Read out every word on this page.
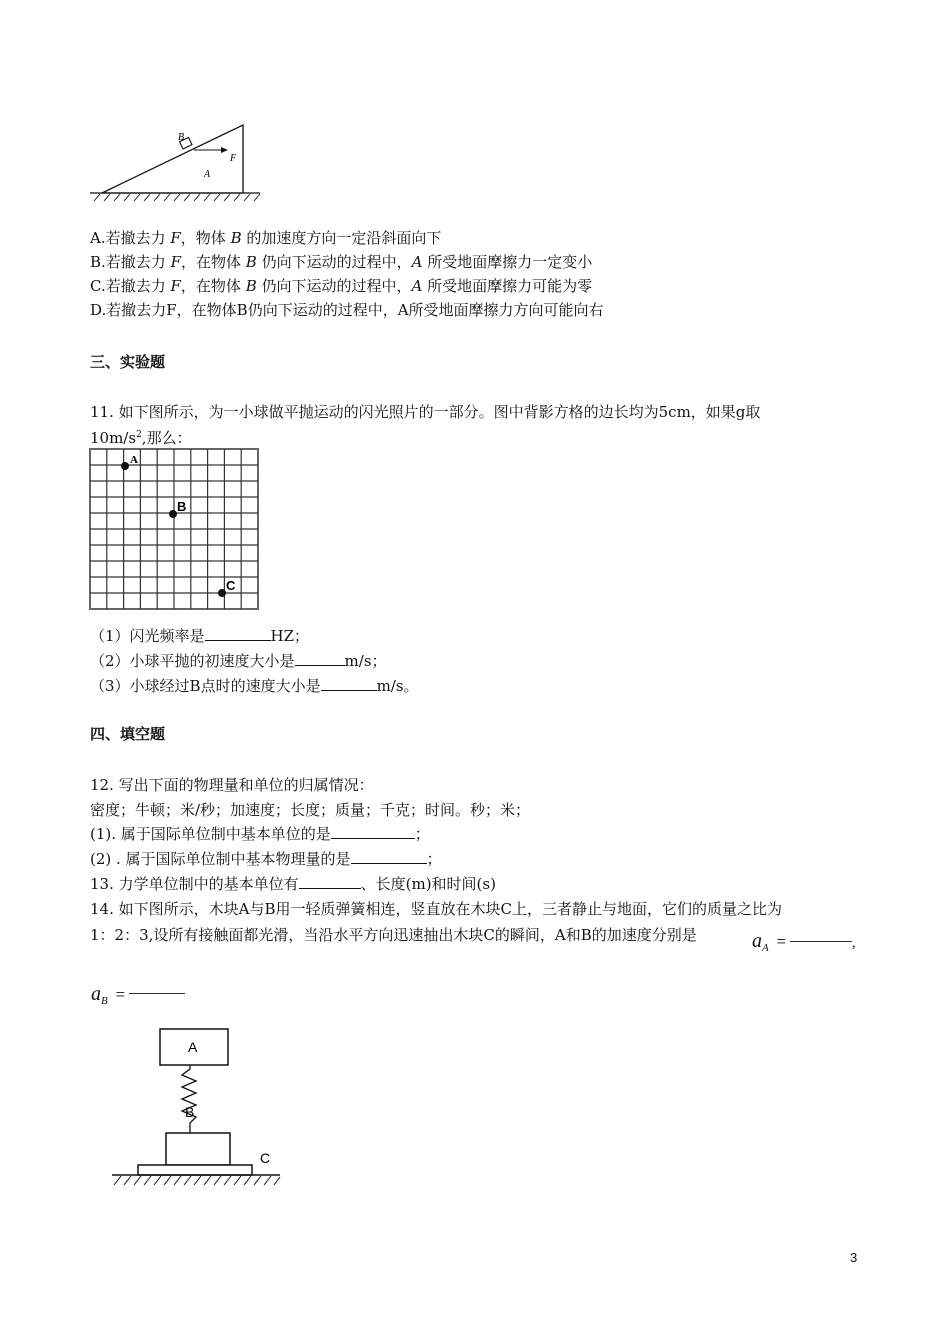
B
F
A
A.若撤去力 F，物体 B 的加速度方向一定沿斜面向下
B.若撤去力 F，在物体 B 仍向下运动的过程中，A 所受地面摩擦力一定变小
C.若撤去力 F，在物体 B 仍向下运动的过程中，A 所受地面摩擦力可能为零
D.若撤去力F，在物体B仍向下运动的过程中，A所受地面摩擦力方向可能向右
三、实验题
11. 如下图所示，为一小球做平抛运动的闪光照片的一部分。图中背影方格的边长均为5cm，如果g取
$10m/s^2$,那么：
A
B
C
（1）闪光频率是	HZ；
（2）小球平抛的初速度大小是	m/s；
（3）小球经过B点时的速度大小是	m/s。
四、填空题
12. 写出下面的物理量和单位的归属情况：
密度；牛顿；米/秒；加速度；长度；质量；千克；时间。秒；米；
(1). 属于国际单位制中基本单位的是	；
(2) . 属于国际单位制中基本物理量的是	；
13. 力学单位制中的基本单位有	、长度(m)和时间(s)
14. 如下图所示，木块A与B用一轻质弹簧相连，竖直放在木块C上，三者静止与地面，它们的质量之比为
1：2：3,设所有接触面都光滑，当沿水平方向迅速抽出木块C的瞬间，A和B的加速度分别是	$a_A$ =	,
$a_B$ =
A
B
C
3
